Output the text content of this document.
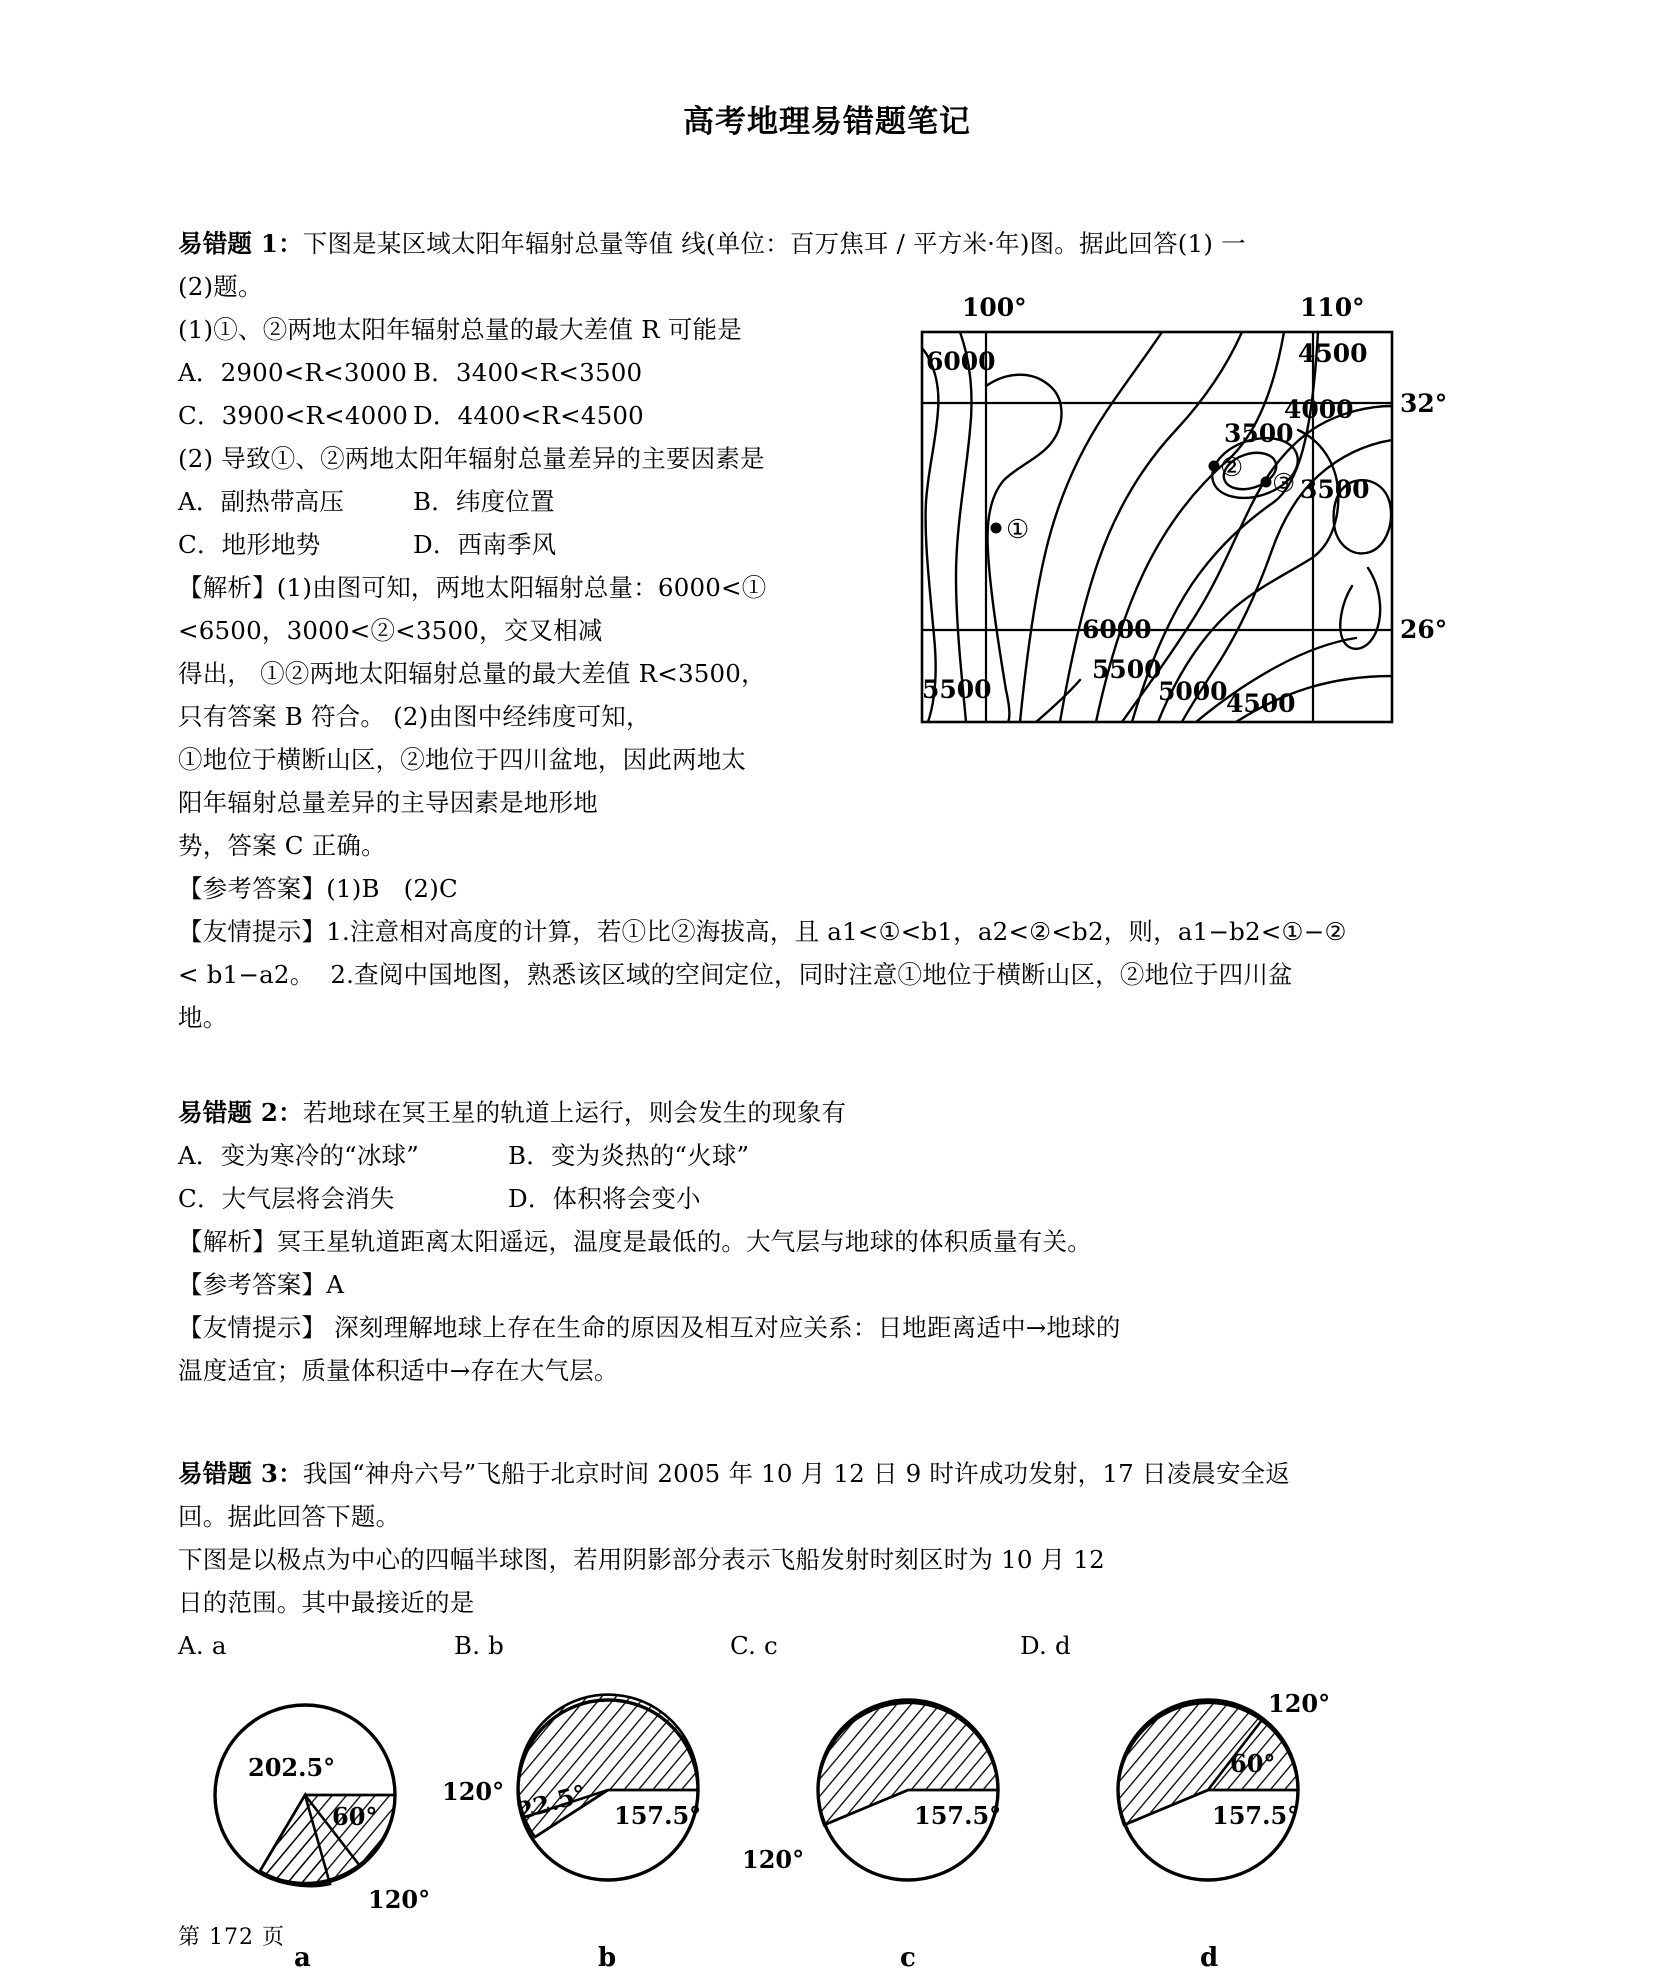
高考地理易错题笔记
100°	110°
32°
26°
6000	4500
3500
4000
3500
6000
5500
5500	5000
4500
①
②
③
易错题 1：下图是某区域太阳年辐射总量等值 线(单位：百万焦耳 / 平方米·年)图。据此回答(1) 一
(2)题。
(1)①、②两地太阳年辐射总量的最大差值 R 可能是
A．2900<R<3000 B．3400<R<3500
C．3900<R<4000 D．4400<R<4500
(2) 导致①、②两地太阳年辐射总量差异的主要因素是
A．副热带高压	B．纬度位置
C．地形地势	D．西南季风
【解析】(1)由图可知，两地太阳辐射总量：6000<①
<6500，3000<②<3500，交叉相减
得出， ①②两地太阳辐射总量的最大差值 R<3500，
只有答案 B 符合。 (2)由图中经纬度可知，
①地位于横断山区，②地位于四川盆地，因此两地太
阳年辐射总量差异的主导因素是地形地
势，答案 C 正确。
【参考答案】(1)B   (2)C
【友情提示】1.注意相对高度的计算，若①比②海拔高，且 a1<①<b1，a2<②<b2，则，a1−b2<①−②
< b1−a2。  2.查阅中国地图，熟悉该区域的空间定位，同时注意①地位于横断山区，②地位于四川盆
地。
易错题 2：若地球在冥王星的轨道上运行，则会发生的现象有
A．变为寒冷的“冰球”	B．变为炎热的“火球”
C．大气层将会消失	D．体积将会变小
【解析】冥王星轨道距离太阳遥远，温度是最低的。大气层与地球的体积质量有关。
【参考答案】A
【友情提示】 深刻理解地球上存在生命的原因及相互对应关系：日地距离适中→地球的
温度适宜；质量体积适中→存在大气层。
易错题 3：我国“神舟六号”飞船于北京时间 2005 年 10 月 12 日 9 时许成功发射，17 日凌晨安全返
回。据此回答下题。
下图是以极点为中心的四幅半球图，若用阴影部分表示飞船发射时刻区时为 10 月 12
日的范围。其中最接近的是
A. a	B. b	C. c	D. d
202.5°
60°
120°
a
120° 22.5° 157.5°
b
157.5°
120°
c
120°
60°
157.5°
d
第 172 页
